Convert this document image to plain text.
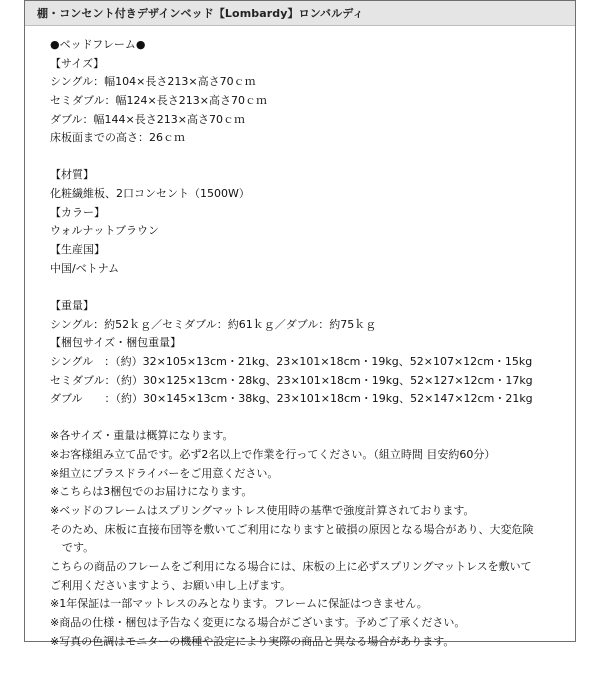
棚・コンセント付きデザインベッド【Lombardy】ロンバルディ
●ベッドフレーム●
【サイズ】
シングル：幅104×長さ213×高さ70ｃｍ
セミダブル：幅124×長さ213×高さ70ｃｍ
ダブル：幅144×長さ213×高さ70ｃｍ
床板面までの高さ：26ｃｍ
【材質】
化粧繊維板、2口コンセント（1500W）
【カラー】
ウォルナットブラウン
【生産国】
中国/ベトナム
【重量】
シングル：約52ｋｇ／セミダブル：約61ｋｇ／ダブル：約75ｋｇ
【梱包サイズ・梱包重量】
シングル　：（約）32×105×13cm・21kg、23×101×18cm・19kg、52×107×12cm・15kg
セミダブル：（約）30×125×13cm・28kg、23×101×18cm・19kg、52×127×12cm・17kg
ダブル　　：（約）30×145×13cm・38kg、23×101×18cm・19kg、52×147×12cm・21kg
※各サイズ・重量は概算になります。
※お客様組み立て品です。必ず2名以上で作業を行ってください。（組立時間 目安約60分）
※組立にプラスドライバーをご用意ください。
※こちらは3梱包でのお届けになります。
※ベッドのフレームはスプリングマットレス使用時の基準で強度計算されております。
そのため、床板に直接布団等を敷いてご利用になりますと破損の原因となる場合があり、大変危険
です。
こちらの商品のフレームをご利用になる場合には、床板の上に必ずスプリングマットレスを敷いて
ご利用くださいますよう、お願い申し上げます。
※1年保証は一部マットレスのみとなります。フレームに保証はつきません。
※商品の仕様・梱包は予告なく変更になる場合がございます。予めご了承ください。
※写真の色調はモニターの機種や設定により実際の商品と異なる場合があります。
